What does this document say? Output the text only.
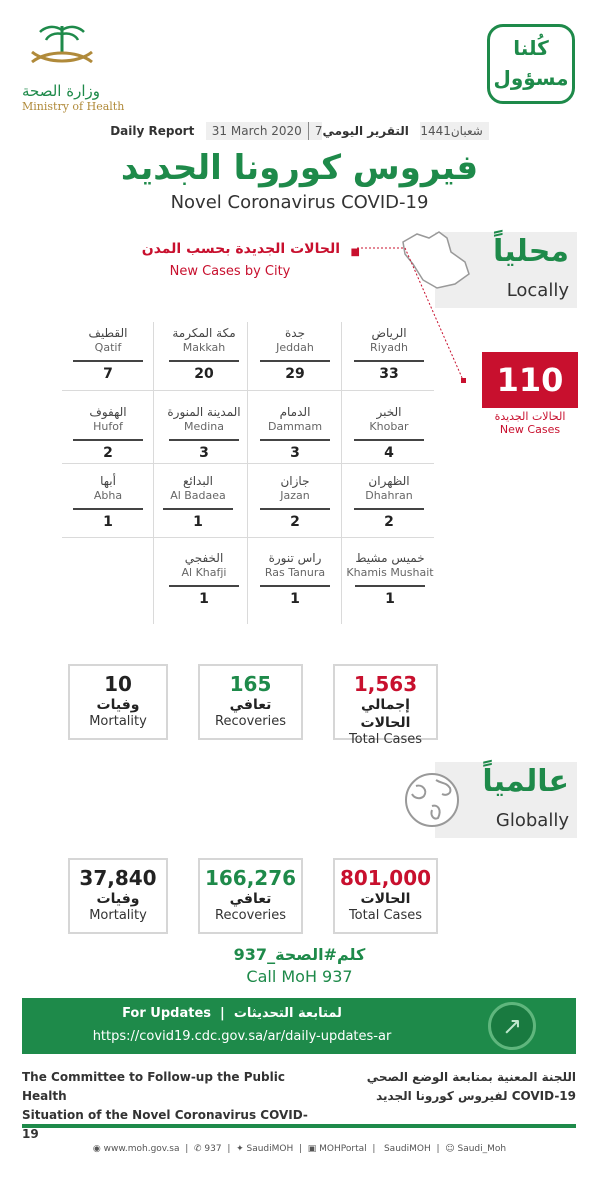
وزارة الصحة
Ministry of Health
كُلنا
مسؤول
Daily Report 31 March 2020 7شعبان1441   التقرير اليومي
فيروس كورونا الجديد
Novel Coronavirus COVID-19
محلياً
Locally
■
الحالات الجديدة بحسب المدن
New Cases by City
الرياض
Riyadh
33
جدة
Jeddah
29
مكة المكرمة
Makkah
20
القطيف
Qatif
7
الخبر
Khobar
4
الدمام
Dammam
3
المدينة المنورة
Medina
3
الهفوف
Hufof
2
الظهران
Dhahran
2
جازان
Jazan
2
البدائع
Al Badaea
1
أبها
Abha
1
خميس مشيط
Khamis Mushait
1
راس تنورة
Ras Tanura
1
الخفجي
Al Khafji
1
110
الحالات الجديدة
New Cases
1,563
إجمالي الحالات
Total Cases
165
تعافي
Recoveries
10
وفيات
Mortality
عالمياً
Globally
801,000
الحالات
Total Cases
166,276
تعافي
Recoveries
37,840
وفيات
Mortality
كلم#الصحة_937
Call MoH 937
For Updates  |  لمتابعة التحديثات
https://covid19.cdc.gov.sa/ar/daily-updates-ar	↗
The Committee to Follow-up the Public Health
Situation of the Novel Coronavirus COVID-19
اللجنة المعنية بمتابعة الوضع الصحي
لفيروس كورونا الجديد COVID-19
◉ www.moh.gov.sa  |  ✆ 937  |  ✦ SaudiMOH  |  ▣ MOHPortal  |   SaudiMOH  |  ☺ Saudi_Moh
